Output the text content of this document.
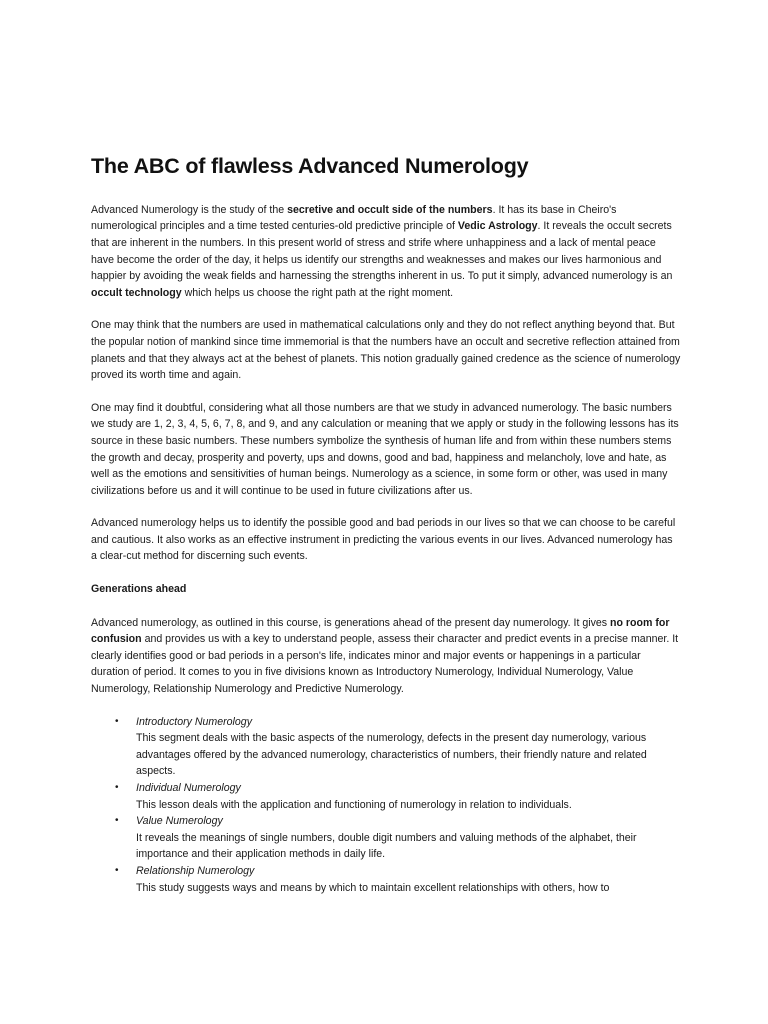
The ABC of flawless Advanced Numerology

Advanced Numerology is the study of the secretive and occult side of the numbers. It has its base in Cheiro's numerological principles and a time tested centuries-old predictive principle of Vedic Astrology. It reveals the occult secrets that are inherent in the numbers. In this present world of stress and strife where unhappiness and a lack of mental peace have become the order of the day, it helps us identify our strengths and weaknesses and makes our lives harmonious and happier by avoiding the weak fields and harnessing the strengths inherent in us. To put it simply, advanced numerology is an occult technology which helps us choose the right path at the right moment.

One may think that the numbers are used in mathematical calculations only and they do not reflect anything beyond that. But the popular notion of mankind since time immemorial is that the numbers have an occult and secretive reflection attained from planets and that they always act at the behest of planets. This notion gradually gained credence as the science of numerology proved its worth time and again.

One may find it doubtful, considering what all those numbers are that we study in advanced numerology. The basic numbers we study are 1, 2, 3, 4, 5, 6, 7, 8, and 9, and any calculation or meaning that we apply or study in the following lessons has its source in these basic numbers. These numbers symbolize the synthesis of human life and from within these numbers stems the growth and decay, prosperity and poverty, ups and downs, good and bad, happiness and melancholy, love and hate, as well as the emotions and sensitivities of human beings. Numerology as a science, in some form or other, was used in many civilizations before us and it will continue to be used in future civilizations after us.

Advanced numerology helps us to identify the possible good and bad periods in our lives so that we can choose to be careful and cautious. It also works as an effective instrument in predicting the various events in our lives. Advanced numerology has a clear-cut method for discerning such events.

Generations ahead

Advanced numerology, as outlined in this course, is generations ahead of the present day numerology. It gives no room for confusion and provides us with a key to understand people, assess their character and predict events in a precise manner. It clearly identifies good or bad periods in a person's life, indicates minor and major events or happenings in a particular duration of period. It comes to you in five divisions known as Introductory Numerology, Individual Numerology, Value Numerology, Relationship Numerology and Predictive Numerology.

• Introductory Numerology
This segment deals with the basic aspects of the numerology, defects in the present day numerology, various advantages offered by the advanced numerology, characteristics of numbers, their friendly nature and related aspects.
• Individual Numerology
This lesson deals with the application and functioning of numerology in relation to individuals.
• Value Numerology
It reveals the meanings of single numbers, double digit numbers and valuing methods of the alphabet, their importance and their application methods in daily life.
• Relationship Numerology
This study suggests ways and means by which to maintain excellent relationships with others, how to
